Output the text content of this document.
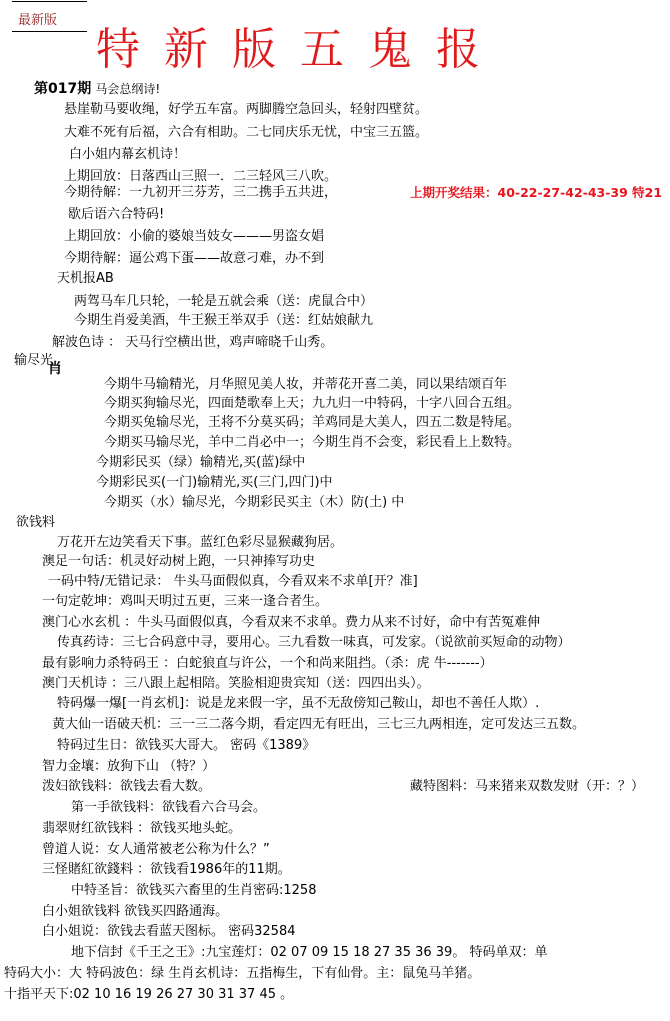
最新版
特新版五鬼报
第017期 马会总纲诗!
悬崖勒马要收绳，好学五车富。两脚腾空急回头，轻射四壁贫。
大难不死有后福，六合有相助。二七同庆乐无忧，中宝三五篮。
白小姐内幕玄机诗！
上期回放：日落西山三照一．二三轻风三八吹。
今期待解：一九初开三芬芳，三二携手五共进，	上期开奖结果：40-22-27-42-43-39 特21
歇后语六合特码!
上期回放：小偷的婆娘当妓女———男盗女娼
今期待解：逼公鸡下蛋——故意刁难，办不到
天机报AB
两驾马车几只轮，一轮是五就会乘（送：虎鼠合中）
今期生肖爱美酒，牛王猴王举双手（送：红姑娘献九
解波色诗 ： 天马行空横出世，鸡声啼晓千山秀。
输尽光
肖
今期牛马输精光，月华照见美人妆，并蒂花开喜二美，同以果结颂百年
今期买狗输尽光，四面楚歌奉上天；九九归一中特码，十字八回合五组。
今期买兔输尽光，王将不分莫买码；羊鸡同是大美人，四五二数是特尾。
今期买马输尽光，羊中二肖必中一；今期生肖不会变，彩民看上上数特。
今期彩民买（绿）输精光,买(蓝)绿中
今期彩民买(一门)输精光,买(三门,四门)中
今期买（水）输尽光，今期彩民买主（木）防(土) 中
欲钱料
万花开左边笑看天下事。蓝红色彩尽显猴藏狗居。
澳足一句话：机灵好动树上跑，一只神捧写功史
一码中特/无错记录： 牛头马面假似真，今看双来不求单[开？准]
一句定乾坤：鸡叫天明过五更，三来一逢合者生。
澳门心水玄机 ：牛头马面假似真，今看双来不求单。费力从来不讨好，命中有苦冤难伸
传真药诗：三七合码意中寻，要用心。三九看数一味真，可发家。（说欲前买短命的动物）
最有影响力杀特码王 ：白蛇狼直与许公，一个和尚来阻挡。（杀：虎 牛-------）
澳门天机诗 ：三八跟上起相陪。笑脸相迎贵宾知（送：四四出头）。
特码爆一爆[一肖玄机]：说是龙来假一字，虽不无敌傍知己鞍山，却也不善任人欺）.
黄大仙一语破天机：三一三二落今期，看定四无有旺出，三七三九两相连，定可发达三五数。
特码过生日：欲钱买大哥大。 密码《1389》
智力金壤：放狗下山 （特？）
泼妇欲钱料：欲钱去看大数。	藏特图料：马来猪来双数发财（开：？）
第一手欲钱料：欲钱看六合马会。
翡翠财红欲钱料 ：欲钱买地头蛇。
曾道人说：女人通常被老公称为什么？”
三怪賭紅欲錢料 ：欲钱看1986年的11期。
中特圣旨：欲钱买六畜里的生肖密码:1258
白小姐欲钱料 欲钱买四路通海。
白小姐说：欲钱去看蓝天图标。 密码32584
地下信封《千王之王》:九宝莲灯：02 07 09 15 18 27 35 36 39。 特码单双：单
特码大小：大 特码波色：绿 生肖玄机诗：五指梅生，下有仙骨。主：鼠兔马羊猪。
十指平天下:02 10 16 19 26 27 30 31 37 45 。
